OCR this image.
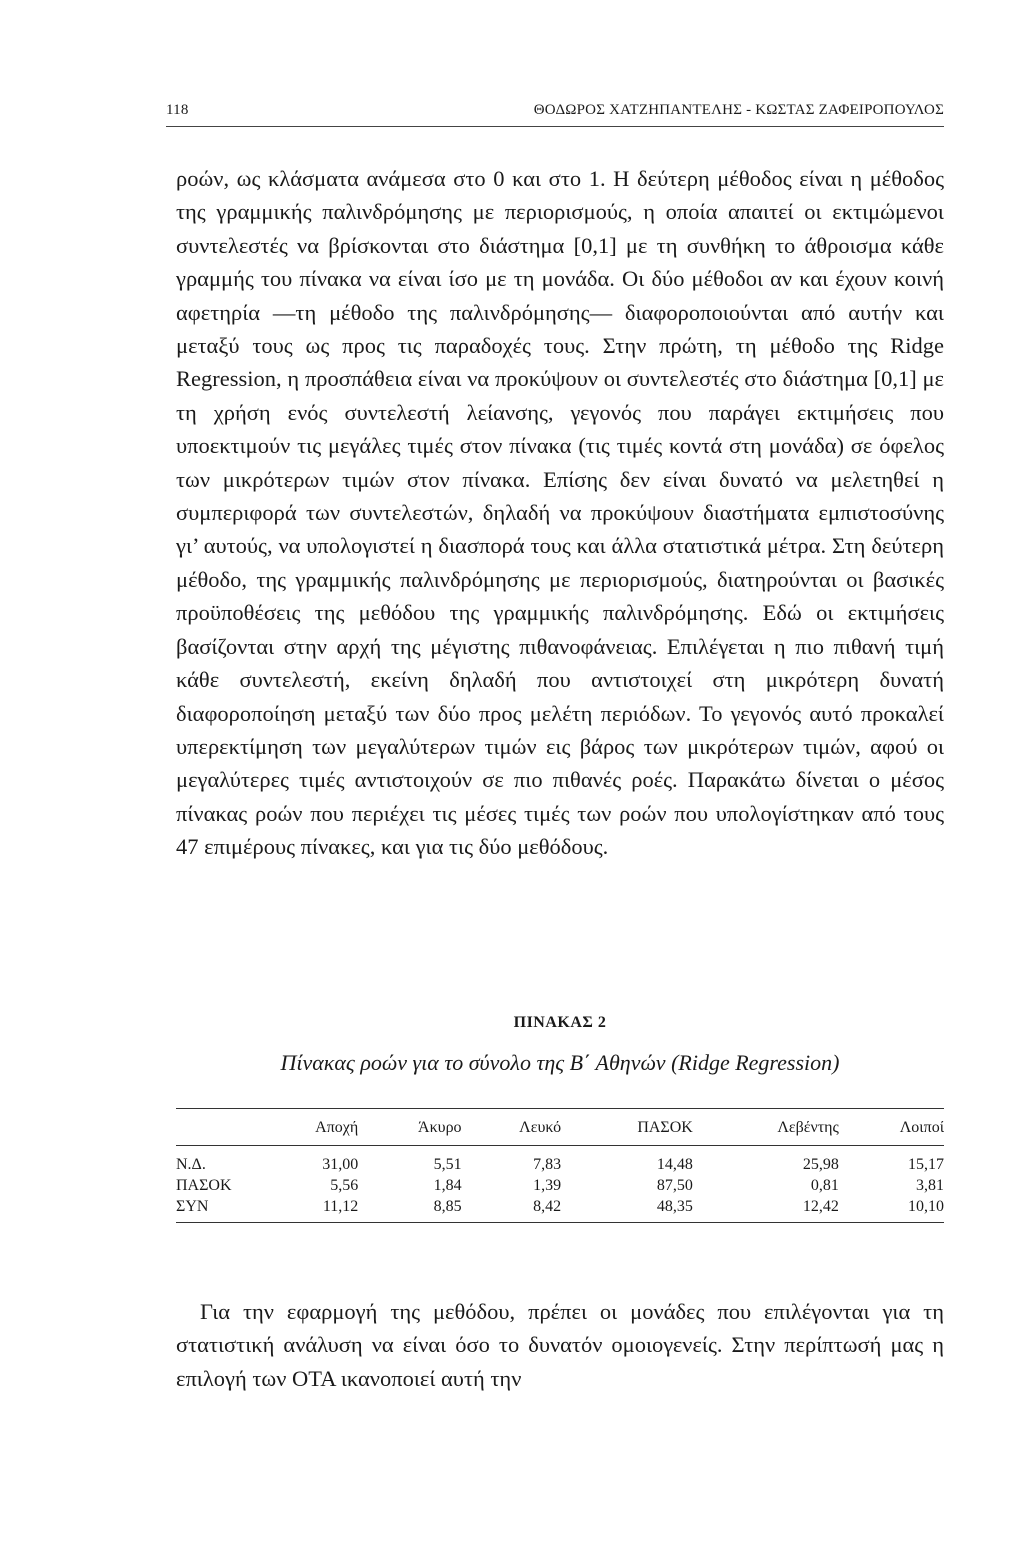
118	ΘΟΔΩΡΟΣ ΧΑΤΖΗΠΑΝΤΕΛΗΣ - ΚΩΣΤΑΣ ΖΑΦΕΙΡΟΠΟΥΛΟΣ

ροών, ως κλάσματα ανάμεσα στο 0 και στο 1. Η δεύτερη μέθοδος είναι η μέθοδος της γραμμικής παλινδρόμησης με περιορισμούς, η οποία απαιτεί οι εκτιμώμενοι συντελεστές να βρίσκονται στο διάστημα [0,1] με τη συνθήκη το άθροισμα κάθε γραμμής του πίνακα να είναι ίσο με τη μονάδα. Οι δύο μέθοδοι αν και έχουν κοινή αφετηρία —τη μέθοδο της παλινδρόμησης— διαφοροποιούνται από αυτήν και μεταξύ τους ως προς τις παραδοχές τους. Στην πρώτη, τη μέθοδο της Ridge Regression, η προσπάθεια είναι να προκύψουν οι συντελεστές στο διάστημα [0,1] με τη χρήση ενός συντελεστή λείανσης, γεγονός που παράγει εκτιμήσεις που υποεκτιμούν τις μεγάλες τιμές στον πίνακα (τις τιμές κοντά στη μονάδα) σε όφελος των μικρότερων τιμών στον πίνακα. Επίσης δεν είναι δυνατό να μελετηθεί η συμπεριφορά των συντελεστών, δηλαδή να προκύψουν διαστήματα εμπιστοσύνης γι’ αυτούς, να υπολογιστεί η διασπορά τους και άλλα στατιστικά μέτρα. Στη δεύτερη μέθοδο, της γραμμικής παλινδρόμησης με περιορισμούς, διατηρούνται οι βασικές προϋποθέσεις της μεθόδου της γραμμικής παλινδρόμησης. Εδώ οι εκτιμήσεις βασίζονται στην αρχή της μέγιστης πιθανοφάνειας. Επιλέγεται η πιο πιθανή τιμή κάθε συντελεστή, εκείνη δηλαδή που αντιστοιχεί στη μικρότερη δυνατή διαφοροποίηση μεταξύ των δύο προς μελέτη περιόδων. Το γεγονός αυτό προκαλεί υπερεκτίμηση των μεγαλύτερων τιμών εις βάρος των μικρότερων τιμών, αφού οι μεγαλύτερες τιμές αντιστοιχούν σε πιο πιθανές ροές. Παρακάτω δίνεται ο μέσος πίνακας ροών που περιέχει τις μέσες τιμές των ροών που υπολογίστηκαν από τους 47 επιμέρους πίνακες, και για τις δύο μεθόδους.

ΠΙΝΑΚΑΣ 2
Πίνακας ροών για το σύνολο της Β΄ Αθηνών (Ridge Regression)
	Αποχή	Άκυρο	Λευκό	ΠΑΣΟΚ	Λεβέντης	Λοιποί
Ν.Δ.	31,00	5,51	7,83	14,48	25,98	15,17
ΠΑΣΟΚ	5,56	1,84	1,39	87,50	0,81	3,81
ΣΥΝ	11,12	8,85	8,42	48,35	12,42	10,10

Για την εφαρμογή της μεθόδου, πρέπει οι μονάδες που επιλέγονται για τη στατιστική ανάλυση να είναι όσο το δυνατόν ομοιογενείς. Στην περίπτωσή μας η επιλογή των ΟΤΑ ικανοποιεί αυτή την
